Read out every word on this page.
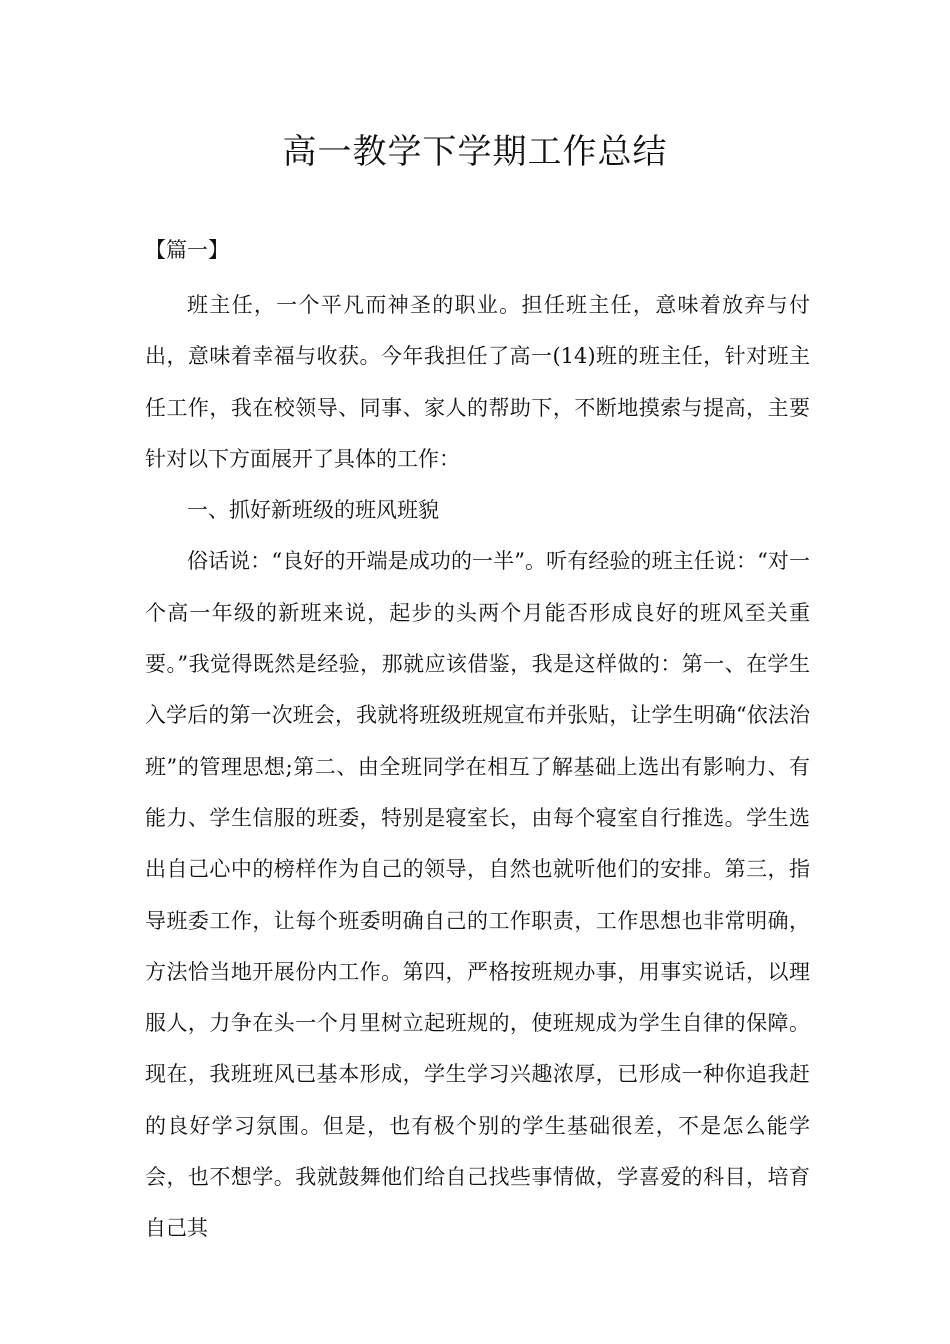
高一教学下学期工作总结
【篇一】

班主任，一个平凡而神圣的职业。担任班主任，意味着放弃与付出，意味着幸福与收获。今年我担任了高一(14)班的班主任，针对班主任工作，我在校领导、同事、家人的帮助下，不断地摸索与提高，主要针对以下方面展开了具体的工作：

一、抓好新班级的班风班貌

俗话说：“良好的开端是成功的一半”。听有经验的班主任说：“对一个高一年级的新班来说，起步的头两个月能否形成良好的班风至关重要。”我觉得既然是经验，那就应该借鉴，我是这样做的：第一、在学生入学后的第一次班会，我就将班级班规宣布并张贴，让学生明确“依法治班”的管理思想;第二、由全班同学在相互了解基础上选出有影响力、有能力、学生信服的班委，特别是寝室长，由每个寝室自行推选。学生选出自己心中的榜样作为自己的领导，自然也就听他们的安排。第三，指导班委工作，让每个班委明确自己的工作职责，工作思想也非常明确，方法恰当地开展份内工作。第四，严格按班规办事，用事实说话，以理服人，力争在头一个月里树立起班规的，使班规成为学生自律的保障。现在，我班班风已基本形成，学生学习兴趣浓厚，已形成一种你追我赶的良好学习氛围。但是，也有极个别的学生基础很差，不是怎么能学会，也不想学。我就鼓舞他们给自己找些事情做，学喜爱的科目，培育自己其
